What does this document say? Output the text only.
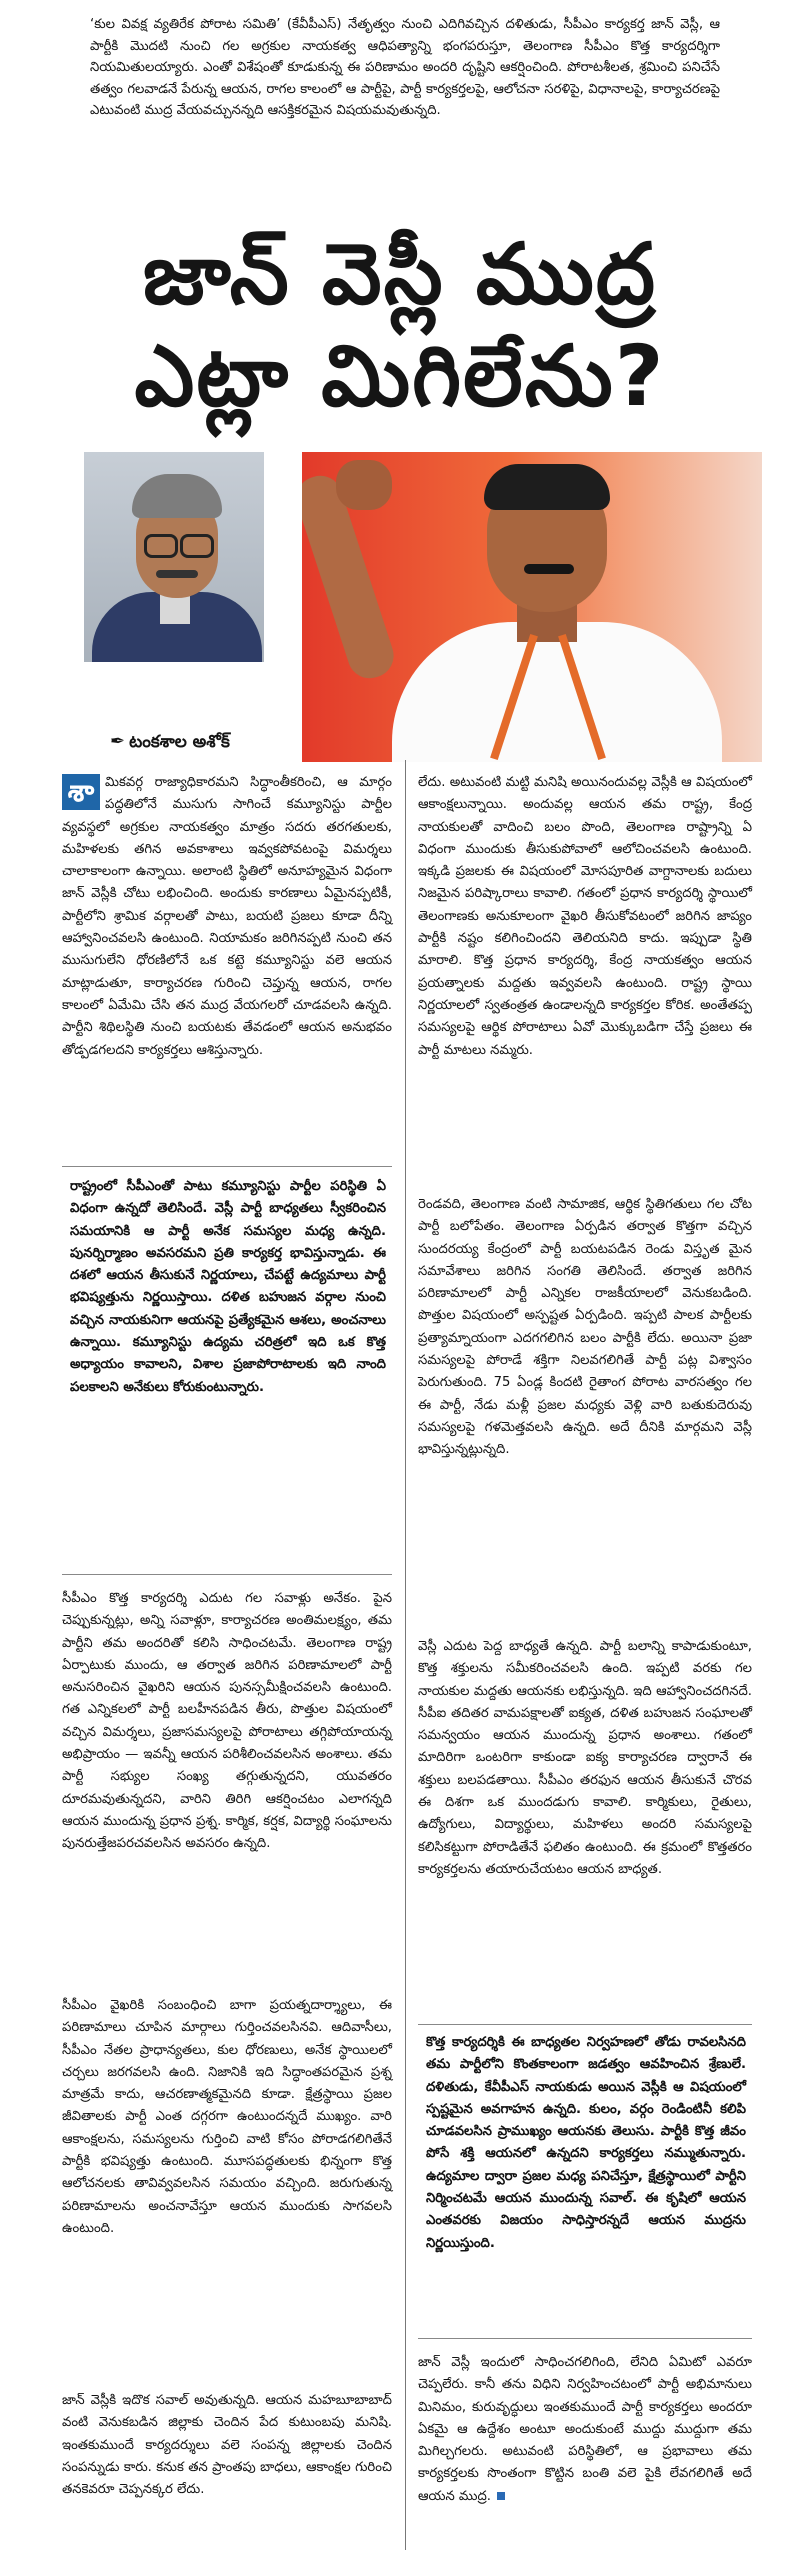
‘కుల వివక్ష వ్యతిరేక పోరాట సమితి’ (కేవీపీఎస్‌) నేతృత్వం నుంచి ఎదిగివచ్చిన దళితుడు, సీపీఎం కార్యకర్త జాన్‌ వెస్లీ, ఆ పార్టీకి మొదటి నుంచి గల అగ్రకుల నాయకత్వ ఆధిపత్యాన్ని భంగపరుస్తూ, తెలంగాణ సీపీఎం కొత్త కార్యదర్శిగా నియమితులయ్యారు. ఎంతో విశేషంతో కూడుకున్న ఈ పరిణామం అందరి దృష్టిని ఆకర్షించింది. పోరాటశీలత, శ్రమించి పనిచేసే తత్వం గలవాడనే పేరున్న ఆయన, రాగల కాలంలో ఆ పార్టీపై, పార్టీ కార్యకర్తలపై, ఆలోచనా సరళిపై, విధానాలపై, కార్యాచరణపై ఎటువంటి ముద్ర వేయవచ్చునన్నది ఆసక్తికరమైన విషయమవుతున్నది.
జాన్‌ వెస్లీ ముద్ర
ఎట్లా మిగిలేను?
✒ టంకశాల అశోక్‌
శా మికవర్గ రాజ్యాధికారమని సిద్ధాంతీకరించి, ఆ మార్గం పద్ధతిలోనే ముసుగు సాగించే కమ్యూనిస్టు పార్టీల వ్యవస్థలో అగ్రకుల నాయకత్వం మాత్రం సదరు తరగతులకు, మహిళలకు తగిన అవకాశాలు ఇవ్వకపోవటంపై విమర్శలు చాలాకాలంగా ఉన్నాయి. అలాంటి స్థితిలో అనూహ్యమైన విధంగా జాన్‌ వెస్లీకి చోటు లభించింది. అందుకు కారణాలు ఏమైనప్పటికీ, పార్టీలోని శ్రామిక వర్గాలతో పాటు, బయటి ప్రజలు కూడా దీన్ని ఆహ్వానించవలసి ఉంటుంది. నియామకం జరిగినప్పటి నుంచి తన ముసుగులేని ధోరణిలోనే ఒక కట్టె కమ్యూనిస్టు వలె ఆయన మాట్లాడుతూ, కార్యాచరణ గురించి చెప్తున్న ఆయన, రాగల కాలంలో ఏమేమి చేసి తన ముద్ర వేయగలరో చూడవలసి ఉన్నది. పార్టీని శిథిలస్థితి నుంచి బయటకు తేవడంలో ఆయన అనుభవం తోడ్పడగలదని కార్యకర్తలు ఆశిస్తున్నారు.
రాష్ట్రంలో సీపీఎంతో పాటు కమ్యూనిస్టు పార్టీల పరిస్థితి ఏ విధంగా ఉన్నదో తెలిసిందే. వెస్లీ పార్టీ బాధ్యతలు స్వీకరించిన సమయానికి ఆ పార్టీ అనేక సమస్యల మధ్య ఉన్నది. పునర్నిర్మాణం అవసరమని ప్రతి కార్యకర్త భావిస్తున్నాడు. ఈ దశలో ఆయన తీసుకునే నిర్ణయాలు, చేపట్టే ఉద్యమాలు పార్టీ భవిష్యత్తును నిర్ణయిస్తాయి. దళిత బహుజన వర్గాల నుంచి వచ్చిన నాయకునిగా ఆయనపై ప్రత్యేకమైన ఆశలు, అంచనాలు ఉన్నాయి. కమ్యూనిస్టు ఉద్యమ చరిత్రలో ఇది ఒక కొత్త అధ్యాయం కావాలని, విశాల ప్రజాపోరాటాలకు ఇది నాంది పలకాలని అనేకులు కోరుకుంటున్నారు.
సీపీఎం కొత్త కార్యదర్శి ఎదుట గల సవాళ్లు అనేకం. పైన చెప్పుకున్నట్లు, అన్ని సవాళ్లూ, కార్యాచరణ అంతిమలక్ష్యం, తమ పార్టీని తమ అందరితో కలిసి సాధించటమే. తెలంగాణ రాష్ట్ర ఏర్పాటుకు ముందు, ఆ తర్వాత జరిగిన పరిణామాలలో పార్టీ అనుసరించిన వైఖరిని ఆయన పునస్సమీక్షించవలసి ఉంటుంది. గత ఎన్నికలలో పార్టీ బలహీనపడిన తీరు, పొత్తుల విషయంలో వచ్చిన విమర్శలు, ప్రజాసమస్యలపై పోరాటాలు తగ్గిపోయాయన్న అభిప్రాయం — ఇవన్నీ ఆయన పరిశీలించవలసిన అంశాలు. తమ పార్టీ సభ్యుల సంఖ్య తగ్గుతున్నదని, యువతరం దూరమవుతున్నదని, వారిని తిరిగి ఆకర్షించటం ఎలాగన్నది ఆయన ముందున్న ప్రధాన ప్రశ్న. కార్మిక, కర్షక, విద్యార్థి సంఘాలను పునరుత్తేజపరచవలసిన అవసరం ఉన్నది.
సీపీఎం వైఖరికి సంబంధించి బాగా ప్రయత్నదార్శ్యాలు, ఈ పరిణామాలు చూపిన మార్గాలు గుర్తించవలసినవి. ఆదివాసీలు, సీపీఎం నేతల ప్రాధాన్యతలు, కుల ధోరణులు, అనేక స్థాయిలలో చర్చలు జరగవలసి ఉంది. నిజానికి ఇది సిద్ధాంతపరమైన ప్రశ్న మాత్రమే కాదు, ఆచరణాత్మకమైనది కూడా. క్షేత్రస్థాయి ప్రజల జీవితాలకు పార్టీ ఎంత దగ్గరగా ఉంటుందన్నదే ముఖ్యం. వారి ఆకాంక్షలను, సమస్యలను గుర్తించి వాటి కోసం పోరాడగలిగితేనే పార్టీకి భవిష్యత్తు ఉంటుంది. మూసపద్ధతులకు భిన్నంగా కొత్త ఆలోచనలకు తావివ్వవలసిన సమయం వచ్చింది. జరుగుతున్న పరిణామాలను అంచనావేస్తూ ఆయన ముందుకు సాగవలసి ఉంటుంది.
జాన్‌ వెస్లీకి ఇదొక సవాల్‌ అవుతున్నది. ఆయన మహబూబాబాద్‌ వంటి వెనుకబడిన జిల్లాకు చెందిన పేద కుటుంబపు మనిషి. ఇంతకుముందే కార్యదర్శులు వలె సంపన్న జిల్లాలకు చెందిన సంపన్నుడు కారు. కనుక తన ప్రాంతపు బాధలు, ఆకాంక్షల గురించి తనకెవరూ చెప్పనక్కర లేదు.
లేదు. అటువంటి మట్టి మనిషి అయినందువల్ల వెస్లీకి ఆ విషయంలో ఆకాంక్షలున్నాయి. అందువల్ల ఆయన తమ రాష్ట్ర, కేంద్ర నాయకులతో వాదించి బలం పొంది, తెలంగాణ రాష్ట్రాన్ని ఏ విధంగా ముందుకు తీసుకుపోవాలో ఆలోచించవలసి ఉంటుంది. ఇక్కడి ప్రజలకు ఈ విషయంలో మోసపూరిత వాగ్దానాలకు బదులు నిజమైన పరిష్కారాలు కావాలి. గతంలో ప్రధాన కార్యదర్శి స్థాయిలో తెలంగాణకు అనుకూలంగా వైఖరి తీసుకోవటంలో జరిగిన జాప్యం పార్టీకి నష్టం కలిగించిందని తెలియనిది కాదు. ఇప్పుడా స్థితి మారాలి. కొత్త ప్రధాన కార్యదర్శి, కేంద్ర నాయకత్వం ఆయన ప్రయత్నాలకు మద్దతు ఇవ్వవలసి ఉంటుంది. రాష్ట్ర స్థాయి నిర్ణయాలలో స్వతంత్రత ఉండాలన్నది కార్యకర్తల కోరిక. అంతేతప్ప సమస్యలపై ఆర్థిక పోరాటాలు ఏవో మొక్కుబడిగా చేస్తే ప్రజలు ఈ పార్టీ మాటలు నమ్మరు.
రెండవది, తెలంగాణ వంటి సామాజిక, ఆర్థిక స్థితిగతులు గల చోట పార్టీ బలోపేతం. తెలంగాణ ఏర్పడిన తర్వాత కొత్తగా వచ్చిన సుందరయ్య కేంద్రంలో పార్టీ బయటపడిన రెండు విస్తృత మైన సమావేశాలు జరిగిన సంగతి తెలిసిందే. తర్వాత జరిగిన పరిణామాలలో పార్టీ ఎన్నికల రాజకీయాలలో వెనుకబడింది. పొత్తుల విషయంలో అస్పష్టత ఏర్పడింది. ఇప్పటి పాలక పార్టీలకు ప్రత్యామ్నాయంగా ఎదగగలిగిన బలం పార్టీకి లేదు. అయినా ప్రజా సమస్యలపై పోరాడే శక్తిగా నిలవగలిగితే పార్టీ పట్ల విశ్వాసం పెరుగుతుంది. 75 ఏండ్ల కిందటి రైతాంగ పోరాట వారసత్వం గల ఈ పార్టీ, నేడు మళ్లీ ప్రజల మధ్యకు వెళ్లి వారి బతుకుదెరువు సమస్యలపై గళమెత్తవలసి ఉన్నది. అదే దీనికి మార్గమని వెస్లీ భావిస్తున్నట్లున్నది.
వెస్లీ ఎదుట పెద్ద బాధ్యతే ఉన్నది. పార్టీ బలాన్ని కాపాడుకుంటూ, కొత్త శక్తులను సమీకరించవలసి ఉంది. ఇప్పటి వరకు గల నాయకుల మద్దతు ఆయనకు లభిస్తున్నది. ఇది ఆహ్వానించదగినదే. సీపీఐ తదితర వామపక్షాలతో ఐక్యత, దళిత బహుజన సంఘాలతో సమన్వయం ఆయన ముందున్న ప్రధాన అంశాలు. గతంలో మాదిరిగా ఒంటరిగా కాకుండా ఐక్య కార్యాచరణ ద్వారానే ఈ శక్తులు బలపడతాయి. సీపీఎం తరఫున ఆయన తీసుకునే చొరవ ఈ దిశగా ఒక ముందడుగు కావాలి. కార్మికులు, రైతులు, ఉద్యోగులు, విద్యార్థులు, మహిళలు అందరి సమస్యలపై కలిసికట్టుగా పోరాడితేనే ఫలితం ఉంటుంది. ఈ క్రమంలో కొత్తతరం కార్యకర్తలను తయారుచేయటం ఆయన బాధ్యత.
కొత్త కార్యదర్శికి ఈ బాధ్యతల నిర్వహణలో తోడు రావలసినది తమ పార్టీలోని కొంతకాలంగా జడత్వం ఆవహించిన శ్రేణులే. దళితుడు, కేవీపీఎస్‌ నాయకుడు అయిన వెస్లీకి ఆ విషయంలో స్పష్టమైన అవగాహన ఉన్నది. కులం, వర్గం రెండింటినీ కలిపి చూడవలసిన ప్రాముఖ్యం ఆయనకు తెలుసు. పార్టీకి కొత్త జీవం పోసే శక్తి ఆయనలో ఉన్నదని కార్యకర్తలు నమ్ముతున్నారు. ఉద్యమాల ద్వారా ప్రజల మధ్య పనిచేస్తూ, క్షేత్రస్థాయిలో పార్టీని నిర్మించటమే ఆయన ముందున్న సవాల్‌. ఈ కృషిలో ఆయన ఎంతవరకు విజయం సాధిస్తారన్నదే ఆయన ముద్రను నిర్ణయిస్తుంది.
జాన్‌ వెస్లీ ఇందులో సాధించగలిగింది, లేనిది ఏమిటో ఎవరూ చెప్పలేరు. కానీ తను విధిని నిర్వహించటంలో పార్టీ అభిమానులు మినిమం, కురువృద్ధులు ఇంతకుముందే పార్టీ కార్యకర్తలు అందరూ ఏకమై ఆ ఉద్దేశం అంటూ అందుకుంటే ముద్దు ముద్దుగా తమ మిగిల్చగలరు. అటువంటి పరిస్థితిలో, ఆ ప్రభావాలు తమ కార్యకర్తలకు సొంతంగా కొట్టిన బంతి వలె పైకి లేవగలిగితే అదే ఆయన ముద్ర.
